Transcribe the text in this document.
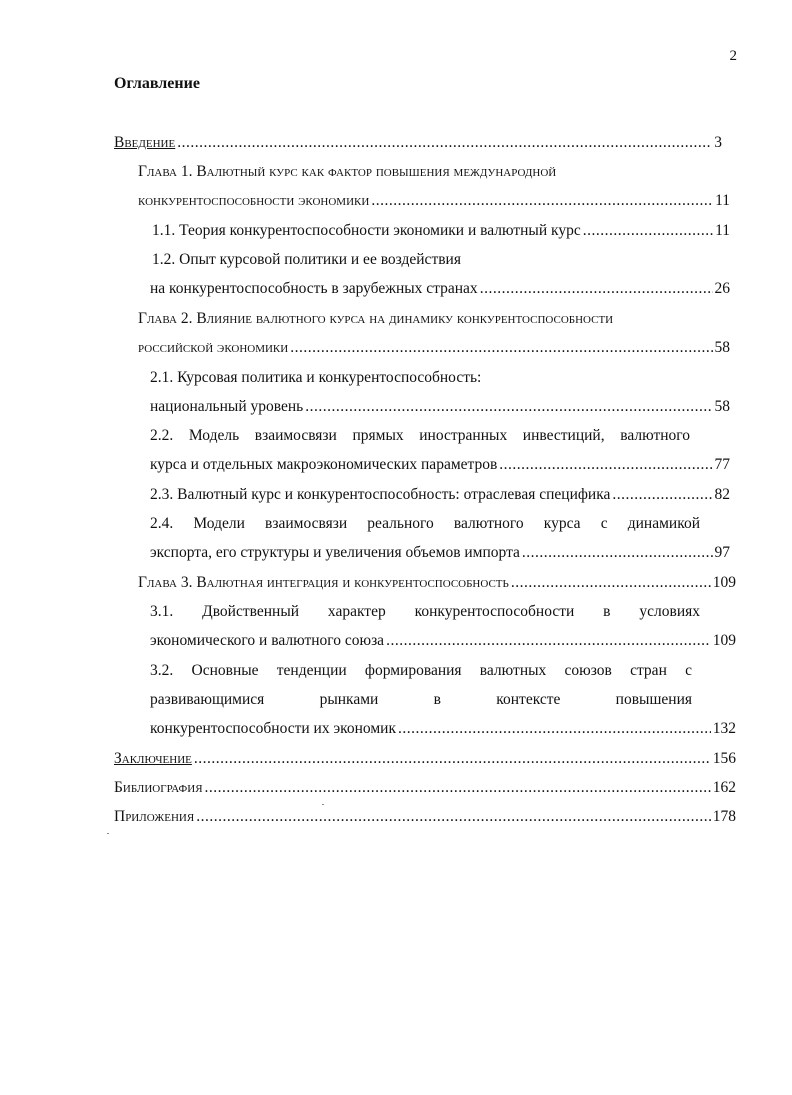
2
Оглавление
Введение .....	3
Глава 1. Валютный курс как фактор повышения международной
конкурентоспособности экономики .....	11
1.1. Теория конкурентоспособности экономики и валютный курс .....	11
1.2. Опыт курсовой политики и ее воздействия
на конкурентоспособность в зарубежных странах .....	26
Глава 2. Влияние валютного курса на динамику конкурентоспособности
российской экономики .....	58
2.1. Курсовая политика и конкурентоспособность:
национальный уровень .....	58
2.2. Модель взаимосвязи прямых иностранных инвестиций, валютного
курса и отдельных макроэкономических параметров .....	77
2.3. Валютный курс и конкурентоспособность: отраслевая специфика .....	82
2.4. Модели взаимосвязи реального валютного курса с динамикой
экспорта, его структуры и увеличения объемов импорта .....	97
Глава 3. Валютная интеграция и конкурентоспособность .....	109
3.1. Двойственный характер конкурентоспособности в условиях
экономического и валютного союза .....	109
3.2. Основные тенденции формирования валютных союзов стран с
развивающимися рынками в контексте повышения
конкурентоспособности их экономик .....	132
Заключение .....	156
Библиография .....	162
Приложения .....	178
